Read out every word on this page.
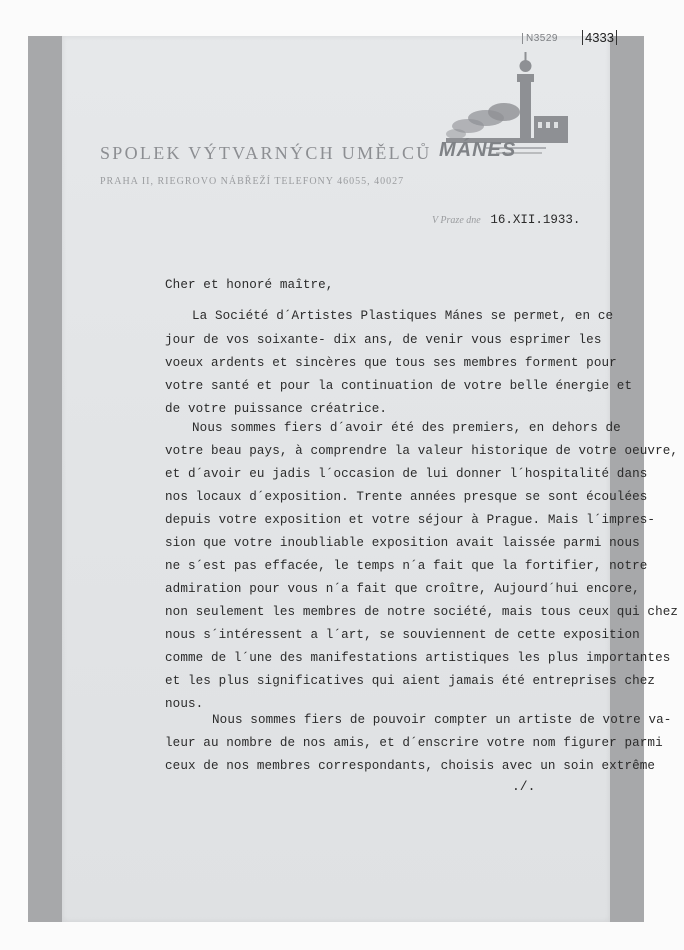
N3529 4333
SPOLEK VÝTVARNÝCH UMĚLCŮ MÁNES
PRAHA II, RIEGROVO NÁBŘEŽÍ TELEFONY 46055, 40027
V Praze dne 16.XII.1933.
Cher et honoré maître,
La Société d´Artistes Plastiques Mánes se permet, en ce
jour de vos soixante- dix ans, de venir vous esprimer les
voeux ardents et sincères que tous ses membres forment pour
votre santé et pour la continuation de votre belle énergie et
de votre puissance créatrice.
Nous sommes fiers d´avoir été des premiers, en dehors de
votre beau pays, à comprendre la valeur historique de votre oeuvre,
et d´avoir eu jadis l´occasion de lui donner l´hospitalité dans
nos locaux d´exposition. Trente années presque se sont écoulées
depuis votre exposition et votre séjour à Prague. Mais l´impres-
sion que votre inoubliable exposition avait laissée parmi nous
ne s´est pas effacée, le temps n´a fait que la fortifier, notre
admiration pour vous n´a fait que croître, Aujourd´hui encore,
non seulement les membres de notre société, mais tous ceux qui chez
nous s´intéressent a l´art, se souviennent de cette exposition
comme de l´une des manifestations artistiques les plus importantes
et les plus significatives qui aient jamais été entreprises chez
nous.
Nous sommes fiers de pouvoir compter un artiste de votre va-
leur au nombre de nos amis, et d´enscrire votre nom figurer parmi
ceux de nos membres correspondants, choisis avec un soin extrême
./.
